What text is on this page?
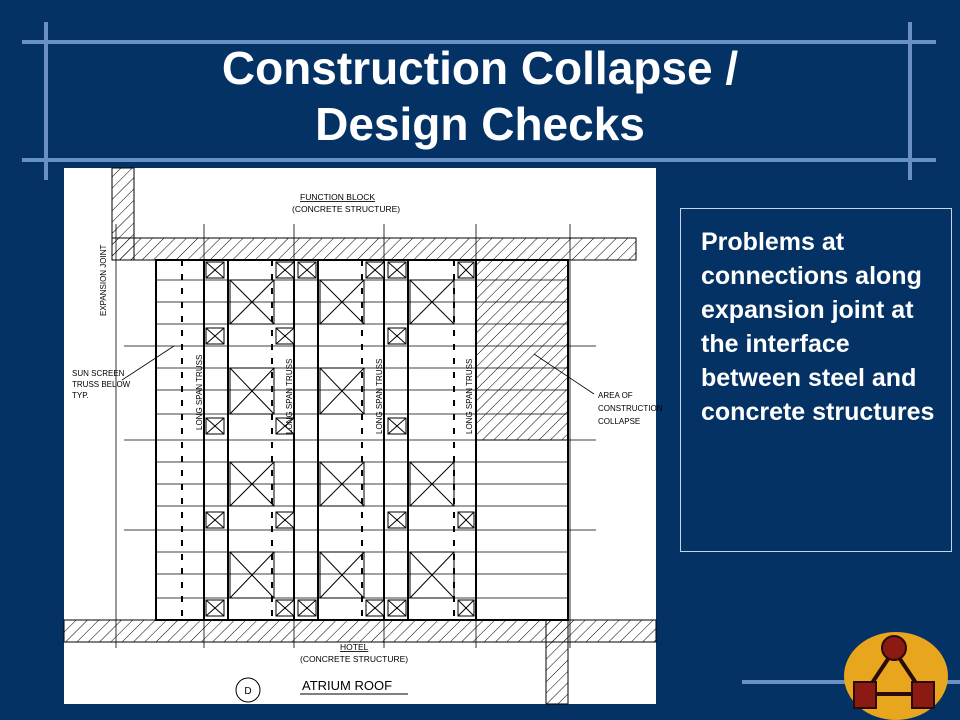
Construction Collapse /
Design Checks
FUNCTION BLOCK
(CONCRETE STRUCTURE)
EXPANSION JOINT
SUN SCREEN
TRUSS BELOW
TYP.	LONG SPAN TRUSS	LONG SPAN TRUSS	LONG SPAN TRUSS	LONG SPAN TRUSS	AREA OF
CONSTRUCTION
COLLAPSE
HOTEL
(CONCRETE STRUCTURE)
D	ATRIUM ROOF
Problems at connections along expansion joint at the interface between steel and concrete structures
